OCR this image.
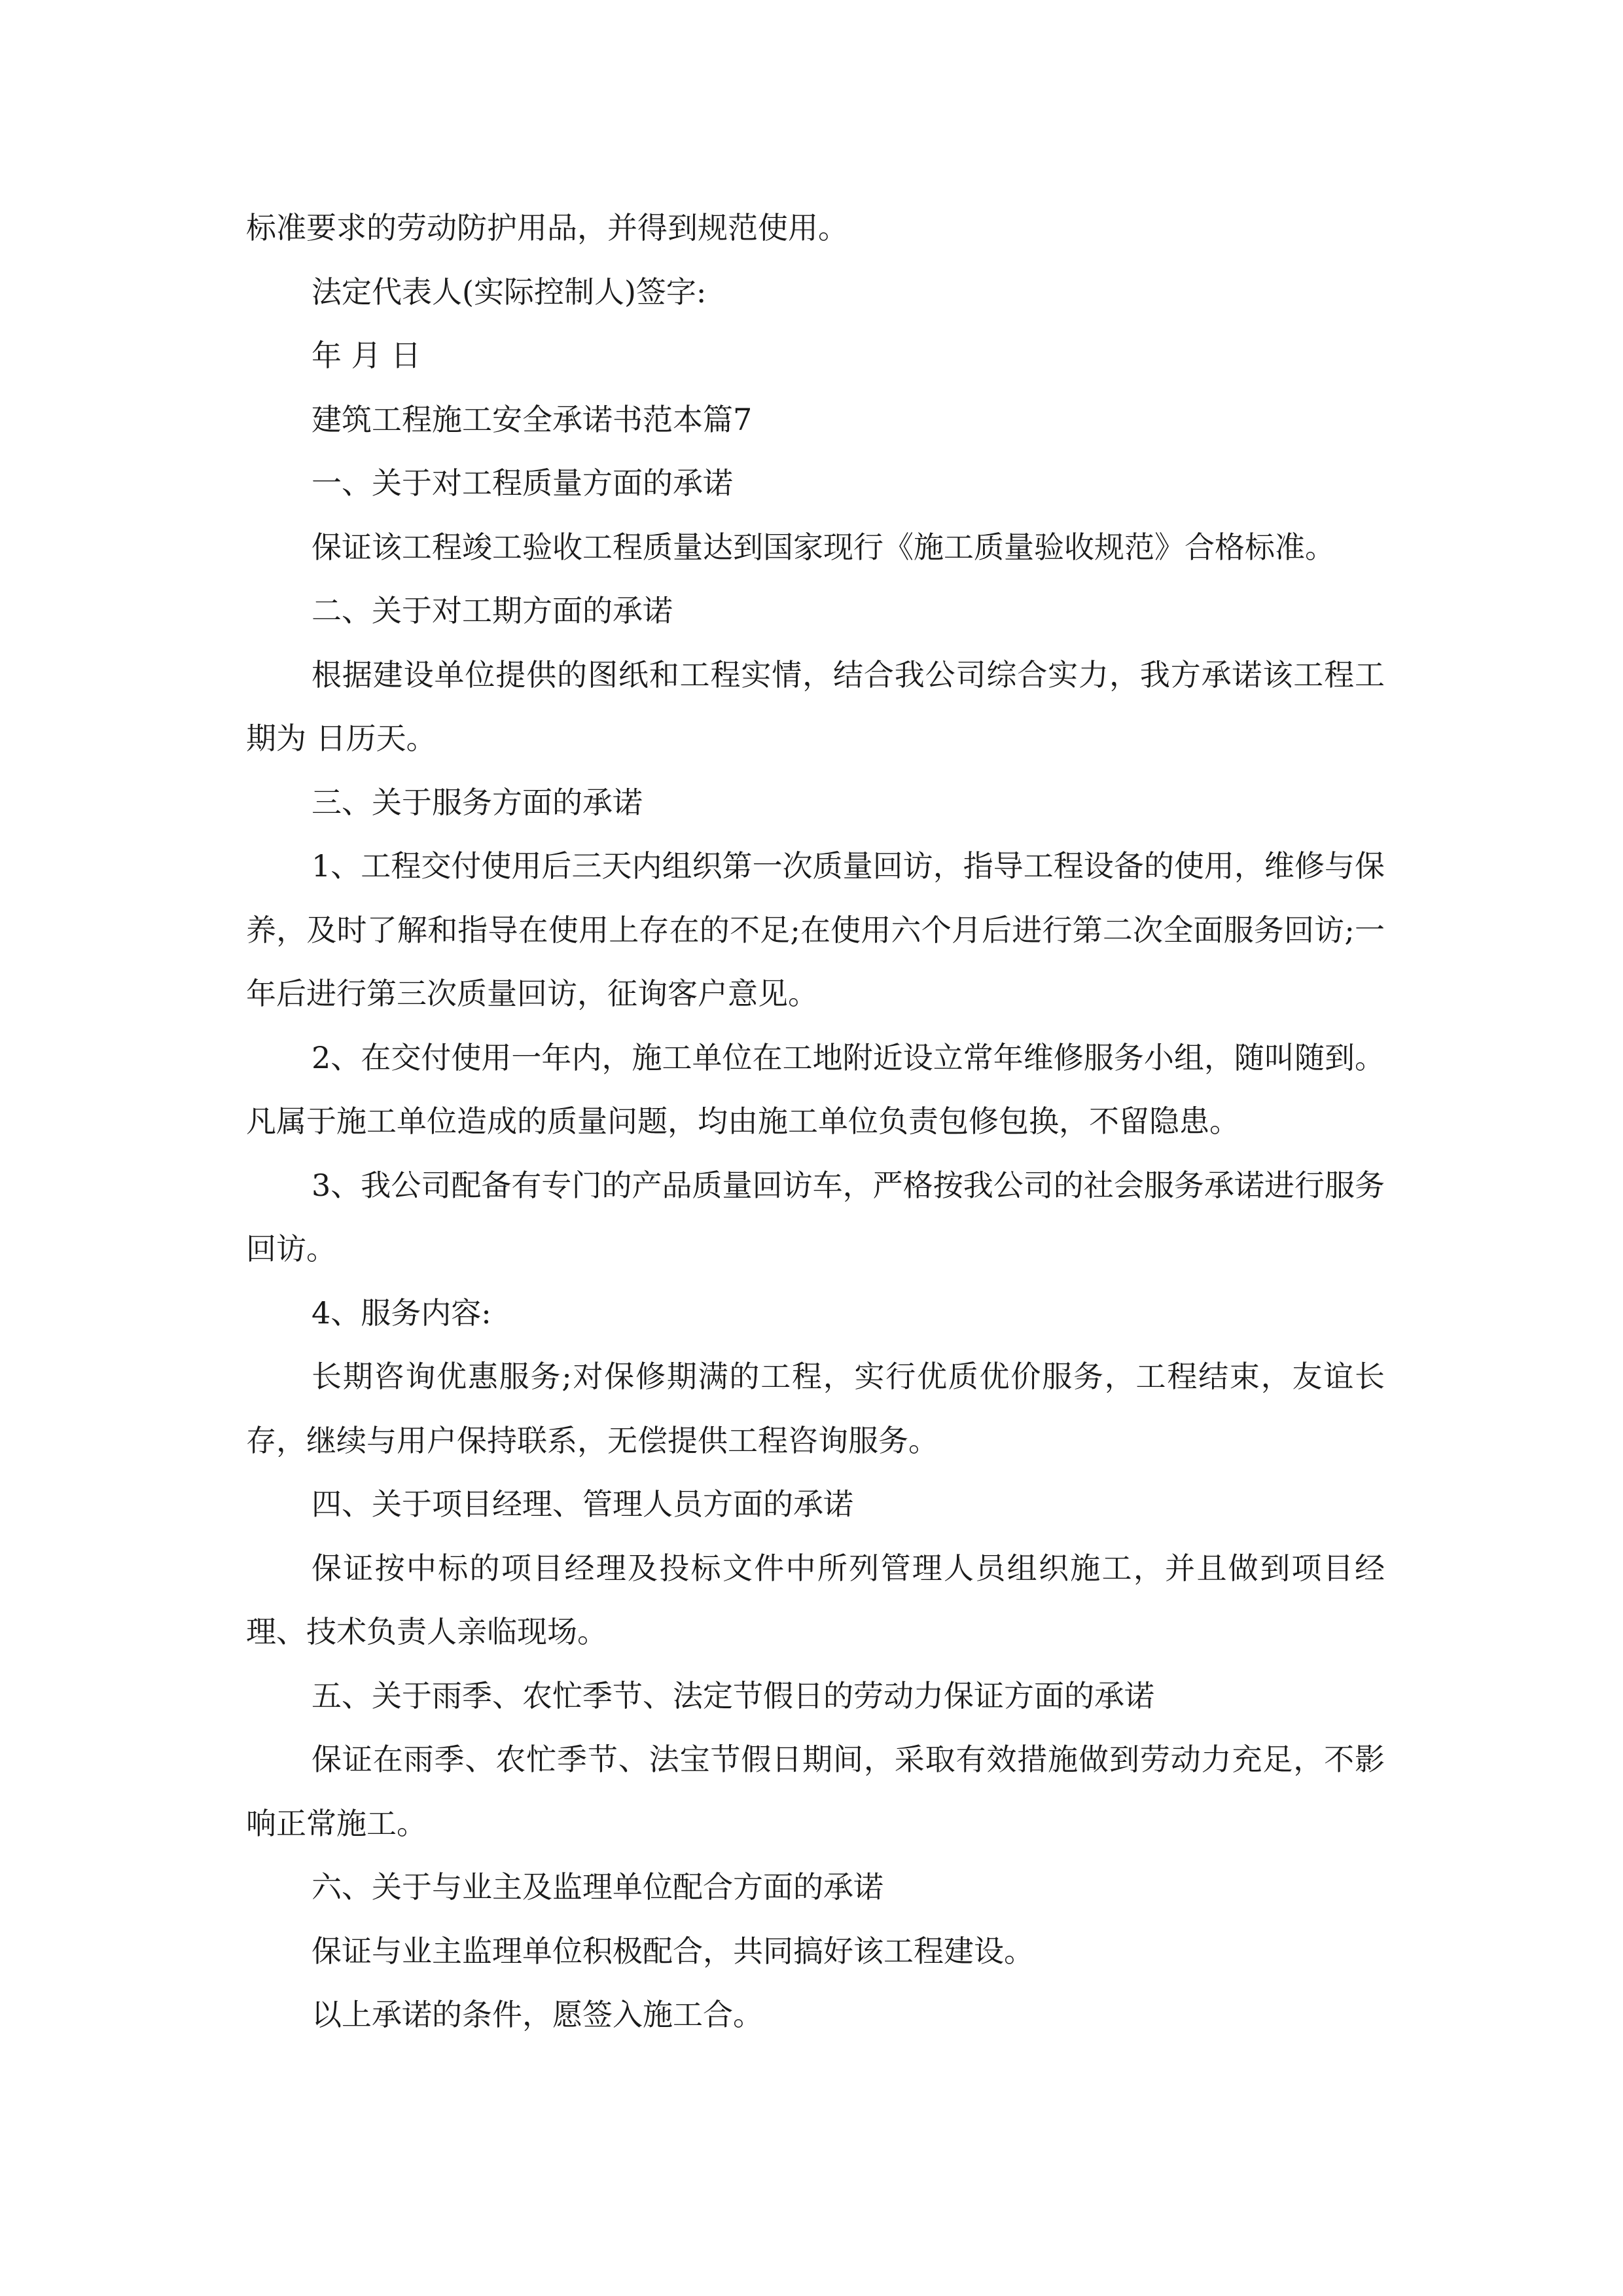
标准要求的劳动防护用品，并得到规范使用。

法定代表人(实际控制人)签字:

年 月 日

建筑工程施工安全承诺书范本篇7

一、关于对工程质量方面的承诺

保证该工程竣工验收工程质量达到国家现行《施工质量验收规范》合格标准。

二、关于对工期方面的承诺

根据建设单位提供的图纸和工程实情，结合我公司综合实力，我方承诺该工程工期为 日历天。

三、关于服务方面的承诺

1、工程交付使用后三天内组织第一次质量回访，指导工程设备的使用，维修与保养，及时了解和指导在使用上存在的不足;在使用六个月后进行第二次全面服务回访;一年后进行第三次质量回访，征询客户意见。

2、在交付使用一年内，施工单位在工地附近设立常年维修服务小组，随叫随到。凡属于施工单位造成的质量问题，均由施工单位负责包修包换，不留隐患。

3、我公司配备有专门的产品质量回访车，严格按我公司的社会服务承诺进行服务回访。

4、服务内容:

长期咨询优惠服务;对保修期满的工程，实行优质优价服务，工程结束，友谊长存，继续与用户保持联系，无偿提供工程咨询服务。

四、关于项目经理、管理人员方面的承诺

保证按中标的项目经理及投标文件中所列管理人员组织施工，并且做到项目经理、技术负责人亲临现场。

五、关于雨季、农忙季节、法定节假日的劳动力保证方面的承诺

保证在雨季、农忙季节、法宝节假日期间，采取有效措施做到劳动力充足，不影响正常施工。

六、关于与业主及监理单位配合方面的承诺

保证与业主监理单位积极配合，共同搞好该工程建设。

以上承诺的条件，愿签入施工合。
